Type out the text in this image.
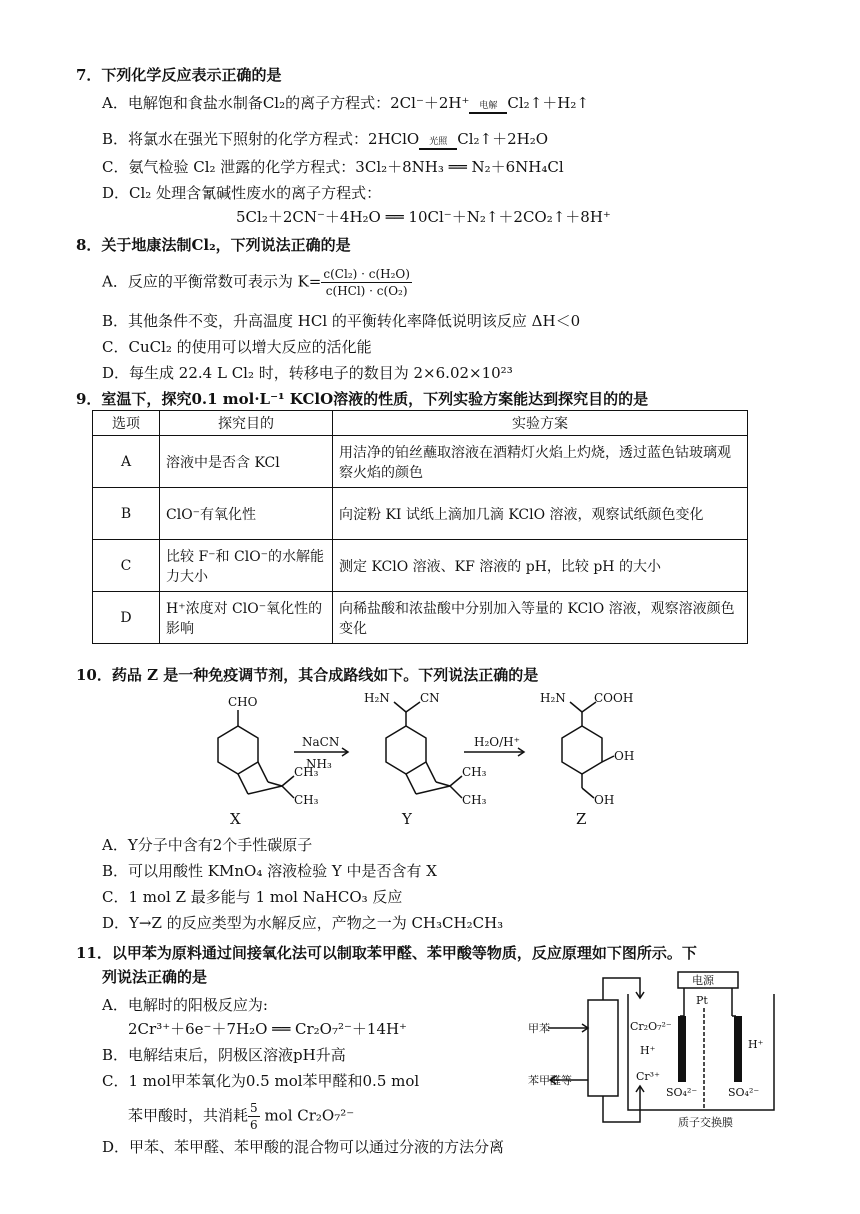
7．下列化学反应表示正确的是
A．电解饱和食盐水制备Cl₂的离子方程式：2Cl⁻＋2H⁺	电解 Cl₂↑＋H₂↑
B．将氯水在强光下照射的化学方程式：2HClO	光照 Cl₂↑＋2H₂O
C．氨气检验 Cl₂ 泄露的化学方程式：3Cl₂＋8NH₃ ══ N₂＋6NH₄Cl
D．Cl₂ 处理含氰碱性废水的离子方程式：
5Cl₂＋2CN⁻＋4H₂O ══ 10Cl⁻＋N₂↑＋2CO₂↑＋8H⁺
8．关于地康法制Cl₂，下列说法正确的是
A．反应的平衡常数可表示为 $K= \frac{\text{c(Cl₂) · c(H₂O)}}{\text{c(HCl) · c(O₂)}}$
B．其他条件不变，升高温度 HCl 的平衡转化率降低说明该反应 ΔH＜0
C．CuCl₂ 的使用可以增大反应的活化能
D．每生成 22.4 L Cl₂ 时，转移电子的数目为 2×6.02×10²³
9．室温下，探究0.1 mol·L⁻¹ KClO溶液的性质，下列实验方案能达到探究目的的是
选项	探究目的	实验方案
A	溶液中是否含 KCl	用洁净的铂丝蘸取溶液在酒精灯火焰上灼烧，透过蓝色钴玻璃观察火焰的颜色
B	ClO⁻有氧化性	向淀粉 KI 试纸上滴加几滴 KClO 溶液，观察试纸颜色变化
C	比较 F⁻和 ClO⁻的水解能力大小	测定 KClO 溶液、KF 溶液的 pH，比较 pH 的大小
D	H⁺浓度对 ClO⁻氧化性的影响	向稀盐酸和浓盐酸中分别加入等量的 KClO 溶液，观察溶液颜色变化
10．药品 Z 是一种免疫调节剂，其合成路线如下。下列说法正确的是
CHO
CH₃
CH₃
NaCN
NH₃
H₂N	CN
CH₃
CH₃
H₂O/H⁺
H₂N COOH
OH
OH
X	Y	Z
A．Y分子中含有2个手性碳原子
B．可以用酸性 KMnO₄ 溶液检验 Y 中是否含有 X
C．1 mol Z 最多能与 1 mol NaHCO₃ 反应
D．Y→Z 的反应类型为水解反应，产物之一为 CH₃CH₂CH₃
11．以甲苯为原料通过间接氧化法可以制取苯甲醛、苯甲酸等物质，反应原理如下图所示。下
列说法正确的是
A．电解时的阳极反应为:
2Cr³⁺＋6e⁻＋7H₂O ══ Cr₂O₇²⁻＋14H⁺
B．电解结束后，阴极区溶液pH升高
C．1 mol甲苯氧化为0.5 mol苯甲醛和0.5 mol
苯甲酸时，共消耗 $\frac{5}{6}$ mol Cr₂O₇²⁻
D．甲苯、苯甲醛、苯甲酸的混合物可以通过分液的方法分离
电源
Pt
甲苯
苯甲醛等
Cr₂O₇²⁻
H⁺
Cr³⁺
SO₄²⁻
H⁺
SO₄²⁻
质子交换膜
